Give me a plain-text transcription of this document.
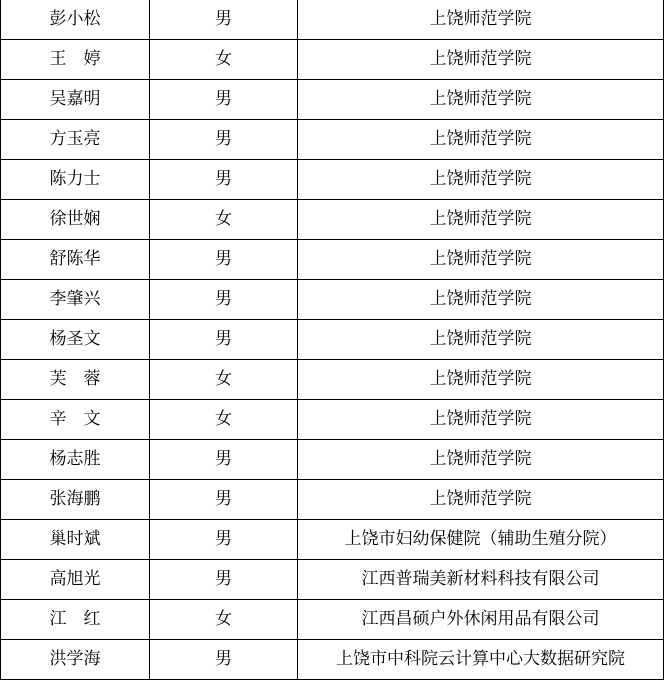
彭小松	男	上饶师范学院
王　婷	女	上饶师范学院
吴嘉明	男	上饶师范学院
方玉亮	男	上饶师范学院
陈力士	男	上饶师范学院
徐世娴	女	上饶师范学院
舒陈华	男	上饶师范学院
李肇兴	男	上饶师范学院
杨圣文	男	上饶师范学院
芙　蓉	女	上饶师范学院
辛　文	女	上饶师范学院
杨志胜	男	上饶师范学院
张海鹏	男	上饶师范学院
巢时斌	男	上饶市妇幼保健院（辅助生殖分院）
高旭光	男	江西普瑞美新材料科技有限公司
江　红	女	江西昌硕户外休闲用品有限公司
洪学海	男	上饶市中科院云计算中心大数据研究院
